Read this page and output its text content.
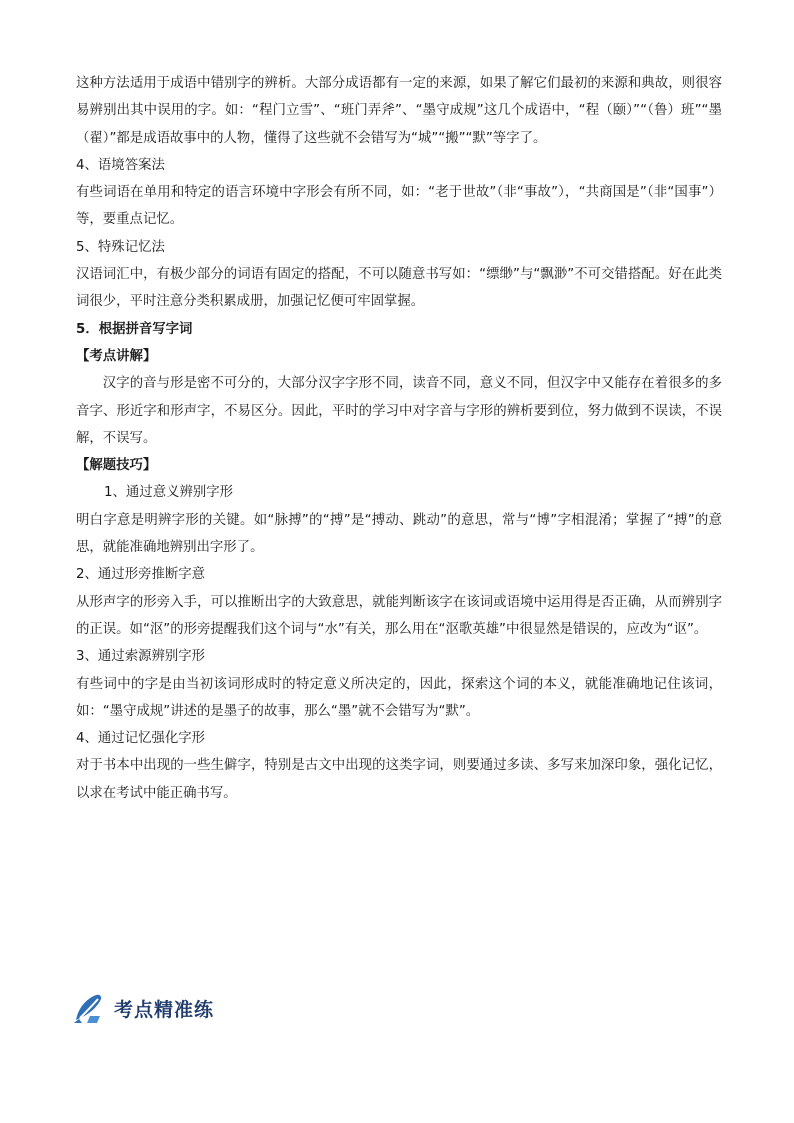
这种方法适用于成语中错别字的辨析。大部分成语都有一定的来源，如果了解它们最初的来源和典故，则很容易辨别出其中误用的字。如：“程门立雪”、“班门弄斧”、“墨守成规”这几个成语中，“程（颐）”“（鲁）班”“墨（翟）”都是成语故事中的人物，懂得了这些就不会错写为“城”“搬”“默”等字了。

4、语境答案法

有些词语在单用和特定的语言环境中字形会有所不同，如：“老于世故”（非“事故”），“共商国是”（非“国事”）等，要重点记忆。

5、特殊记忆法

汉语词汇中，有极少部分的词语有固定的搭配，不可以随意书写如：“缥缈”与“飘渺”不可交错搭配。好在此类词很少，平时注意分类积累成册，加强记忆便可牢固掌握。

5．根据拼音写字词

【考点讲解】

汉字的音与形是密不可分的，大部分汉字字形不同，读音不同，意义不同，但汉字中又能存在着很多的多音字、形近字和形声字，不易区分。因此，平时的学习中对字音与字形的辨析要到位，努力做到不误读，不误解，不误写。

【解题技巧】

1、通过意义辨别字形

明白字意是明辨字形的关键。如“脉搏”的“搏”是“搏动、跳动”的意思，常与“博”字相混淆；掌握了“搏”的意思，就能准确地辨别出字形了。

2、通过形旁推断字意

从形声字的形旁入手，可以推断出字的大致意思，就能判断该字在该词或语境中运用得是否正确，从而辨别字的正误。如“沤”的形旁提醒我们这个词与“水”有关，那么用在“沤歌英雄”中很显然是错误的，应改为“讴”。

3、通过索源辨别字形

有些词中的字是由当初该词形成时的特定意义所决定的，因此，探索这个词的本义，就能准确地记住该词，如：“墨守成规”讲述的是墨子的故事，那么“墨”就不会错写为“默”。

4、通过记忆强化字形

对于书本中出现的一些生僻字，特别是古文中出现的这类字词，则要通过多读、多写来加深印象，强化记忆，以求在考试中能正确书写。

考点精准练
